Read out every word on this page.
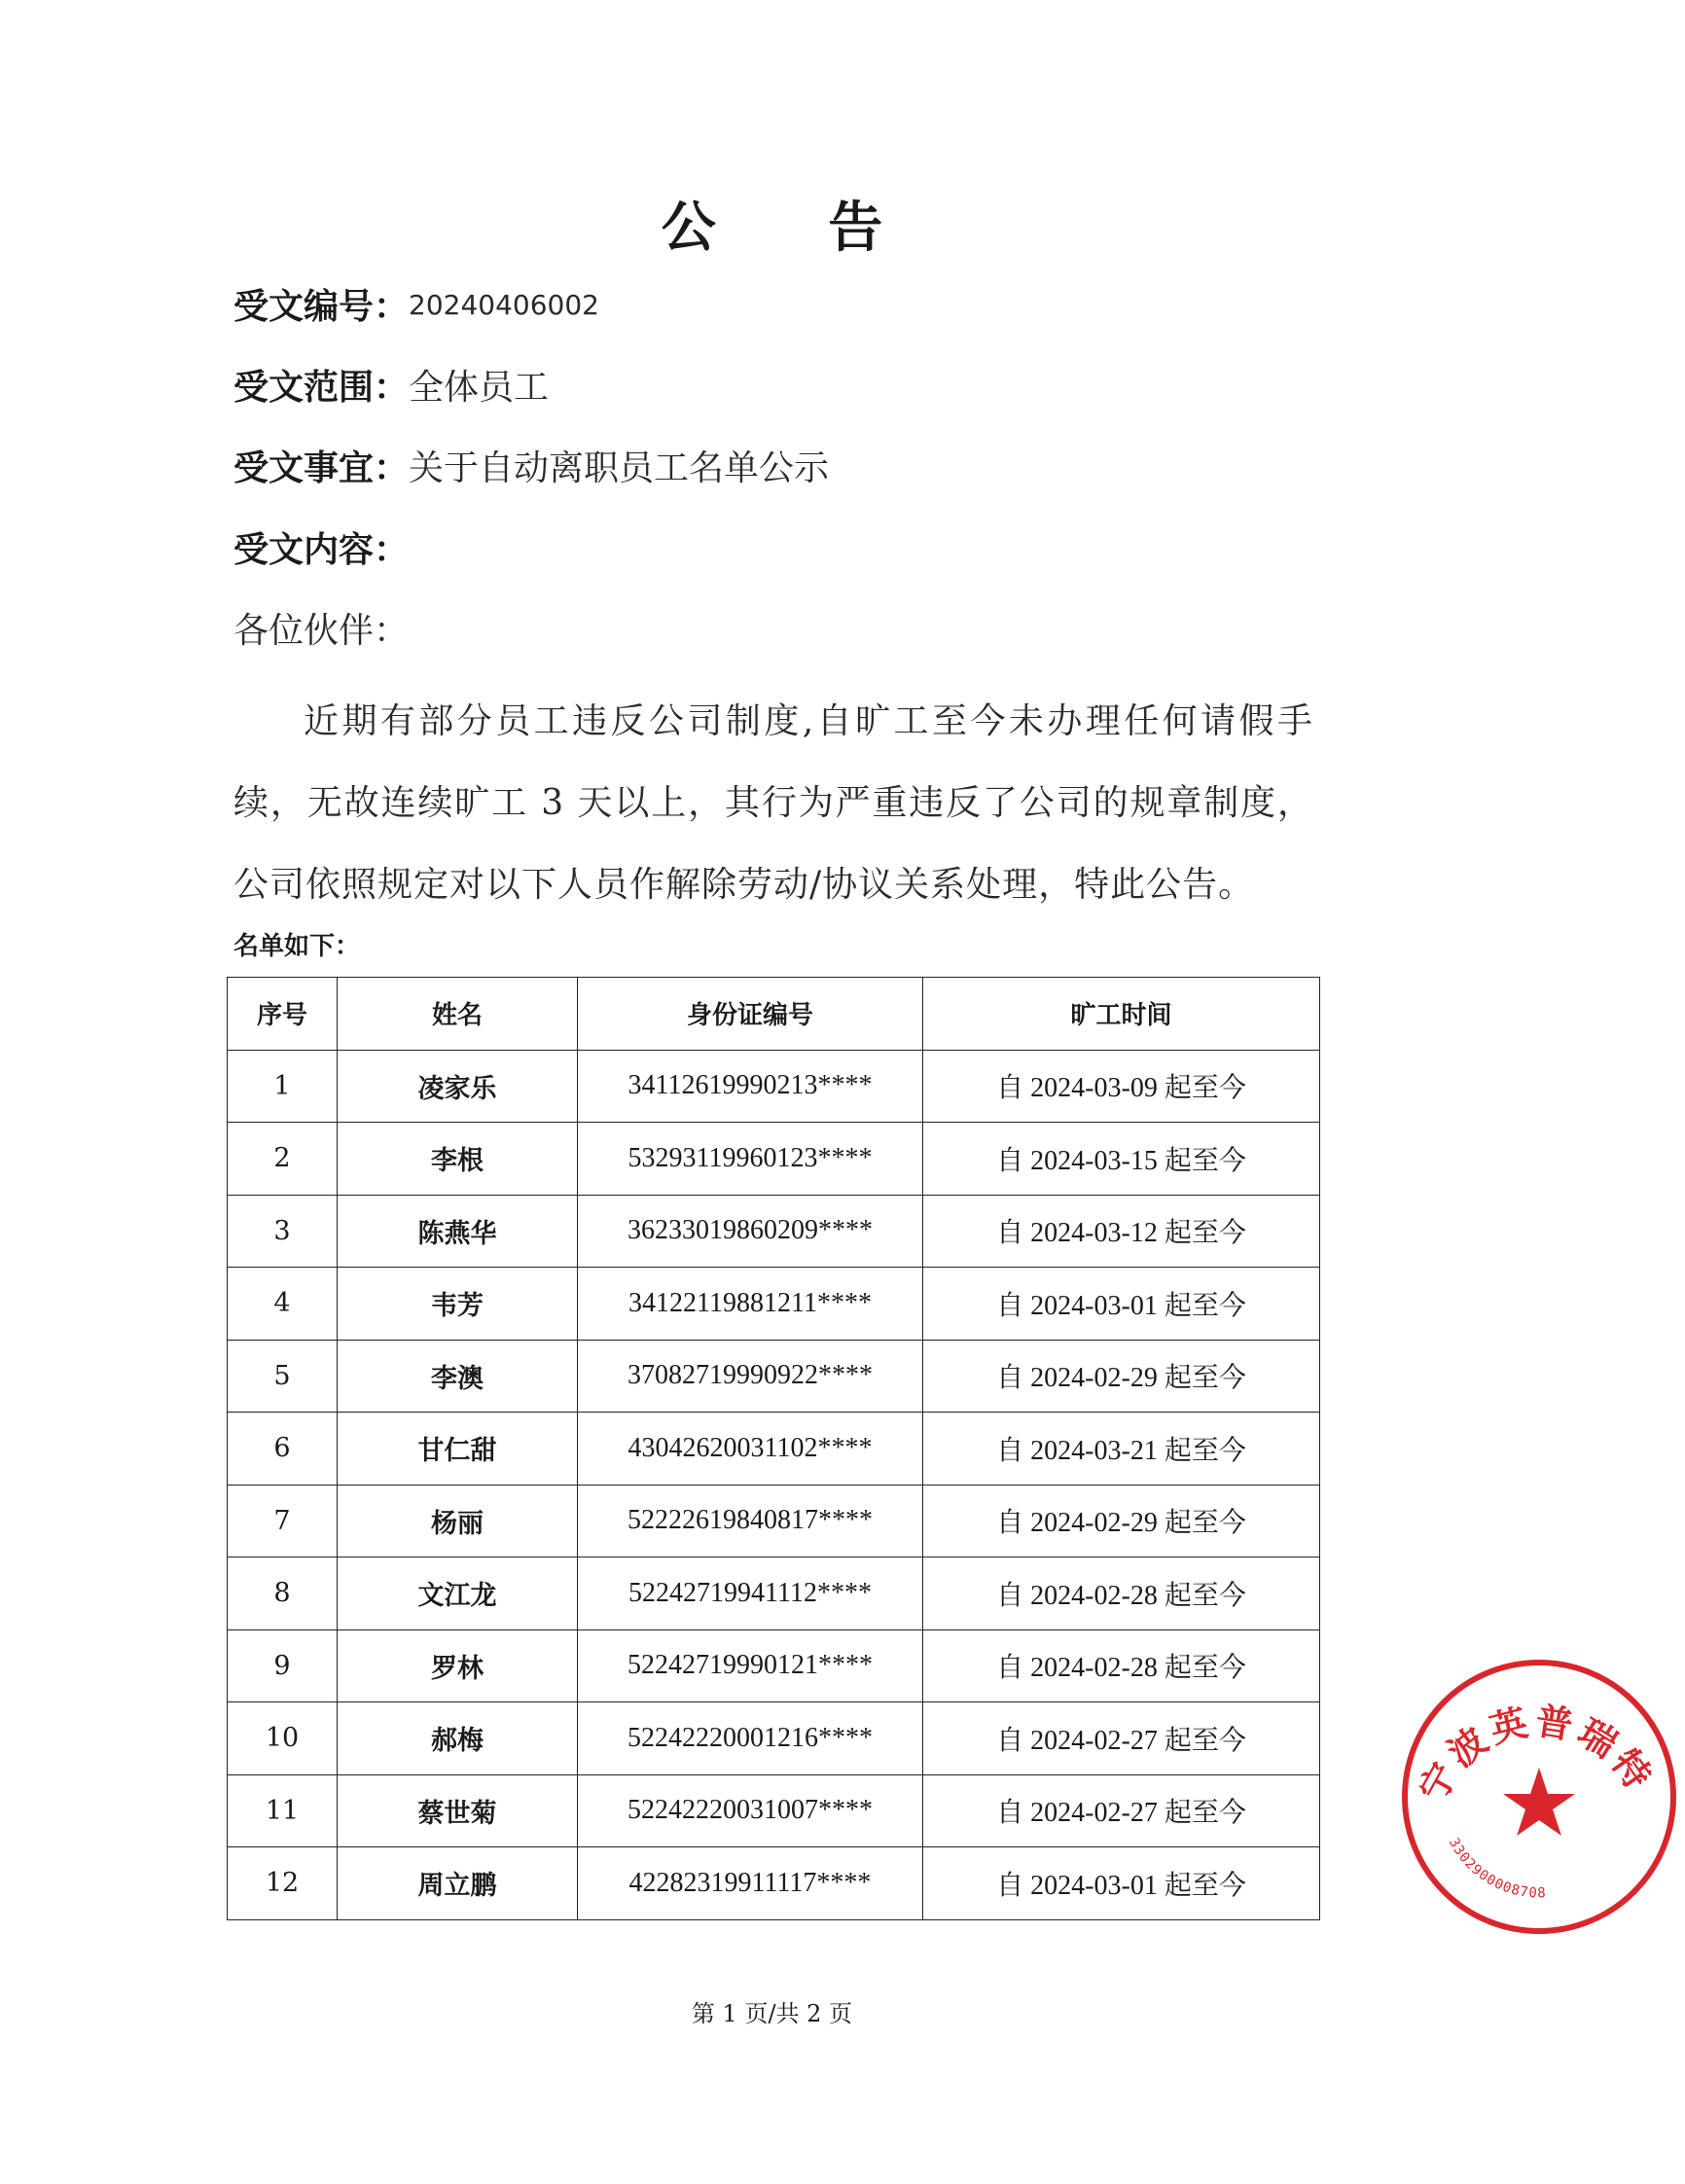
公 告
受文编号：20240406002
受文范围：全体员工
受文事宜：关于自动离职员工名单公示
受文内容：
各位伙伴：
近期有部分员工违反公司制度,自旷工至今未办理任何请假手续，无故连续旷工 3 天以上，其行为严重违反了公司的规章制度，公司依照规定对以下人员作解除劳动/协议关系处理，特此公告。
名单如下：
序号	姓名	身份证编号	旷工时间
1	凌家乐	34112619990213****	自 2024-03-09 起至今
2	李根	53293119960123****	自 2024-03-15 起至今
3	陈燕华	36233019860209****	自 2024-03-12 起至今
4	韦芳	34122119881211****	自 2024-03-01 起至今
5	李澳	37082719990922****	自 2024-02-29 起至今
6	甘仁甜	43042620031102****	自 2024-03-21 起至今
7	杨丽	52222619840817****	自 2024-02-29 起至今
8	文江龙	52242719941112****	自 2024-02-28 起至今
9	罗林	52242719990121****	自 2024-02-28 起至今
10	郝梅	52242220001216****	自 2024-02-27 起至今
11	蔡世菊	52242220031007****	自 2024-02-27 起至今
12	周立鹏	42282319911117****	自 2024-03-01 起至今
第 1 页/共 2 页
宁波英普瑞特
3302900008708
